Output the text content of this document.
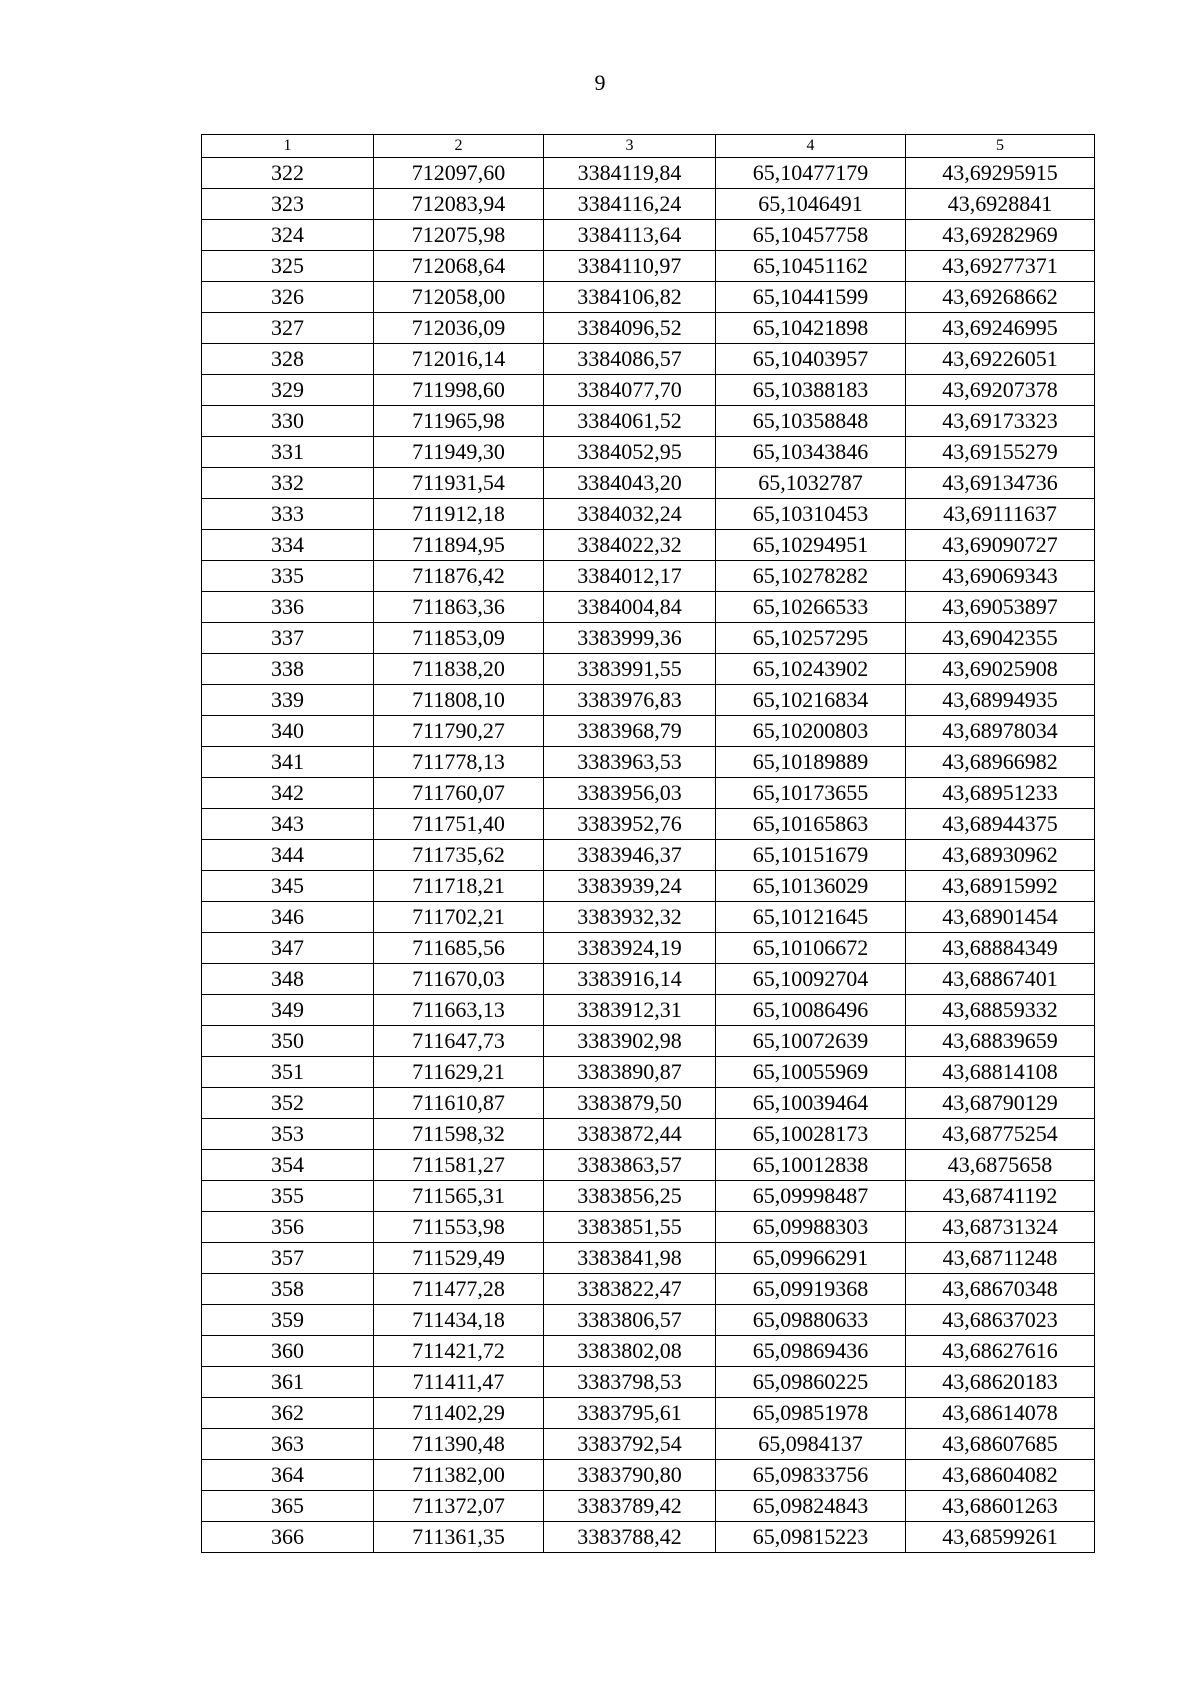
9
1	2	3	4	5
322	712097,60	3384119,84	65,10477179	43,69295915
323	712083,94	3384116,24	65,1046491	43,6928841
324	712075,98	3384113,64	65,10457758	43,69282969
325	712068,64	3384110,97	65,10451162	43,69277371
326	712058,00	3384106,82	65,10441599	43,69268662
327	712036,09	3384096,52	65,10421898	43,69246995
328	712016,14	3384086,57	65,10403957	43,69226051
329	711998,60	3384077,70	65,10388183	43,69207378
330	711965,98	3384061,52	65,10358848	43,69173323
331	711949,30	3384052,95	65,10343846	43,69155279
332	711931,54	3384043,20	65,1032787	43,69134736
333	711912,18	3384032,24	65,10310453	43,69111637
334	711894,95	3384022,32	65,10294951	43,69090727
335	711876,42	3384012,17	65,10278282	43,69069343
336	711863,36	3384004,84	65,10266533	43,69053897
337	711853,09	3383999,36	65,10257295	43,69042355
338	711838,20	3383991,55	65,10243902	43,69025908
339	711808,10	3383976,83	65,10216834	43,68994935
340	711790,27	3383968,79	65,10200803	43,68978034
341	711778,13	3383963,53	65,10189889	43,68966982
342	711760,07	3383956,03	65,10173655	43,68951233
343	711751,40	3383952,76	65,10165863	43,68944375
344	711735,62	3383946,37	65,10151679	43,68930962
345	711718,21	3383939,24	65,10136029	43,68915992
346	711702,21	3383932,32	65,10121645	43,68901454
347	711685,56	3383924,19	65,10106672	43,68884349
348	711670,03	3383916,14	65,10092704	43,68867401
349	711663,13	3383912,31	65,10086496	43,68859332
350	711647,73	3383902,98	65,10072639	43,68839659
351	711629,21	3383890,87	65,10055969	43,68814108
352	711610,87	3383879,50	65,10039464	43,68790129
353	711598,32	3383872,44	65,10028173	43,68775254
354	711581,27	3383863,57	65,10012838	43,6875658
355	711565,31	3383856,25	65,09998487	43,68741192
356	711553,98	3383851,55	65,09988303	43,68731324
357	711529,49	3383841,98	65,09966291	43,68711248
358	711477,28	3383822,47	65,09919368	43,68670348
359	711434,18	3383806,57	65,09880633	43,68637023
360	711421,72	3383802,08	65,09869436	43,68627616
361	711411,47	3383798,53	65,09860225	43,68620183
362	711402,29	3383795,61	65,09851978	43,68614078
363	711390,48	3383792,54	65,0984137	43,68607685
364	711382,00	3383790,80	65,09833756	43,68604082
365	711372,07	3383789,42	65,09824843	43,68601263
366	711361,35	3383788,42	65,09815223	43,68599261
